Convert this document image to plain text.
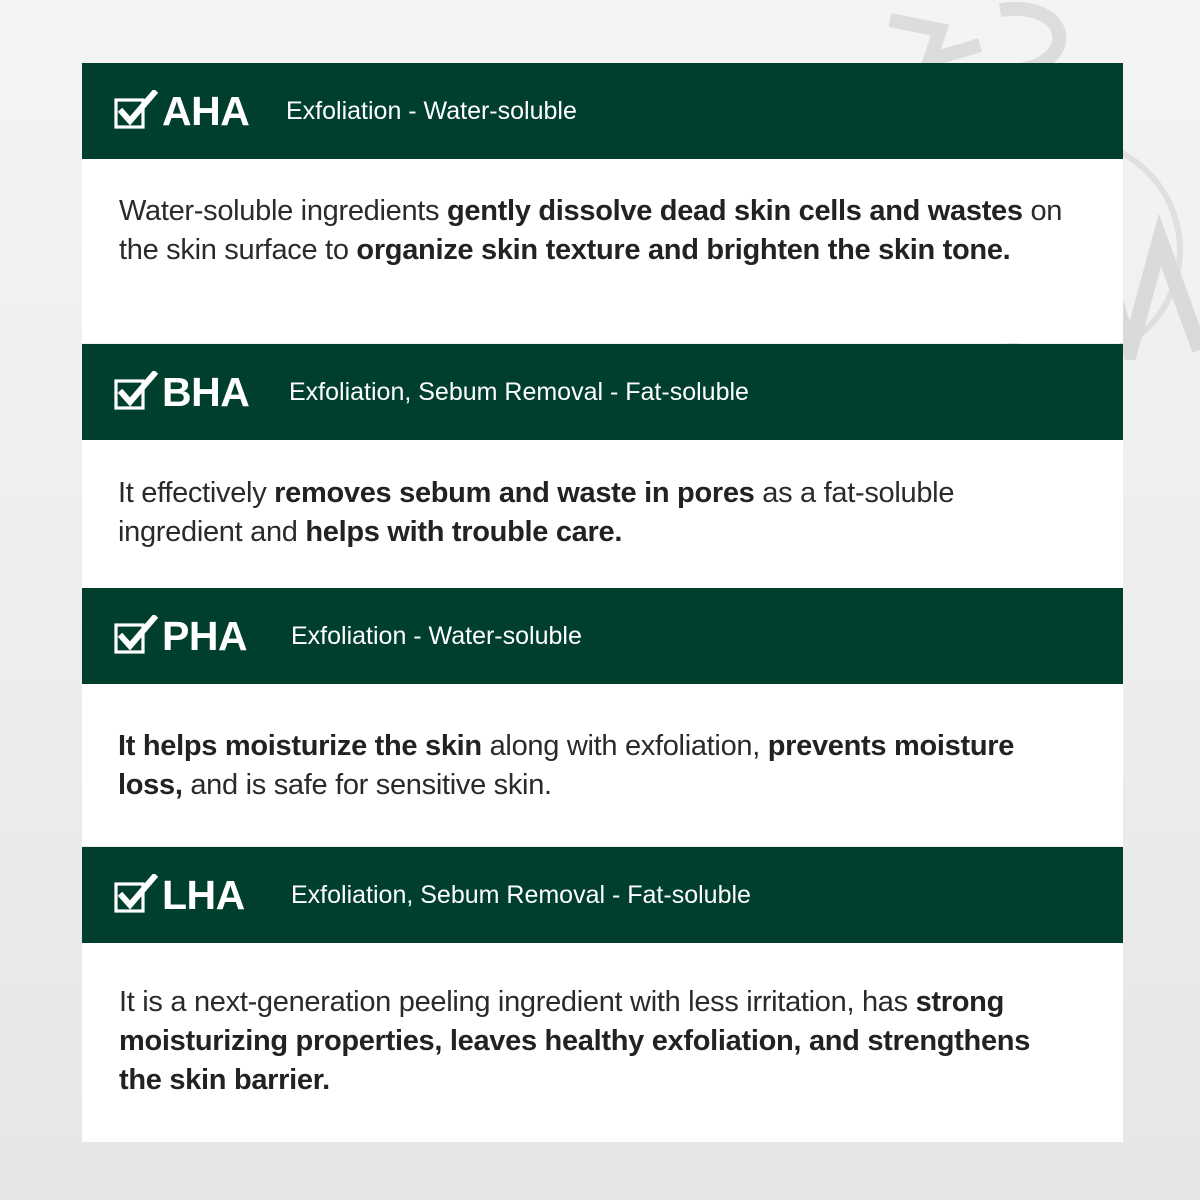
AHA Exfoliation - Water-soluble

Water-soluble ingredients gently dissolve dead skin cells and wastes on the skin surface to organize skin texture and brighten the skin tone.

BHA Exfoliation, Sebum Removal - Fat-soluble

It effectively removes sebum and waste in pores as a fat-soluble ingredient and helps with trouble care.

PHA Exfoliation - Water-soluble

It helps moisturize the skin along with exfoliation, prevents moisture loss, and is safe for sensitive skin.

LHA Exfoliation, Sebum Removal - Fat-soluble

It is a next-generation peeling ingredient with less irritation, has strong moisturizing properties, leaves healthy exfoliation, and strengthens the skin barrier.
